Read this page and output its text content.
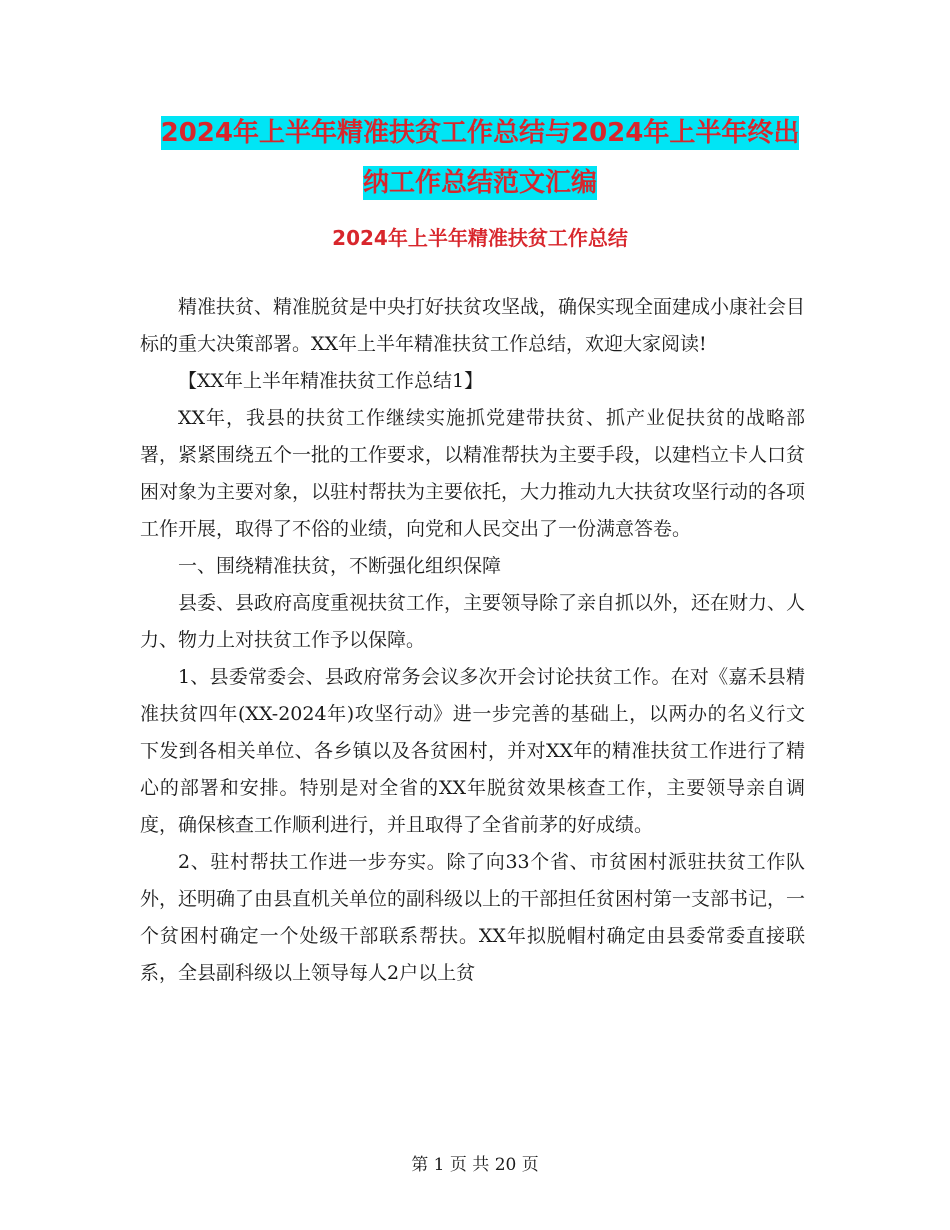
2024年上半年精准扶贫工作总结与2024年上半年终出
纳工作总结范文汇编
2024年上半年精准扶贫工作总结

精准扶贫、精准脱贫是中央打好扶贫攻坚战，确保实现全面建成小康社会目标的重大决策部署。XX年上半年精准扶贫工作总结，欢迎大家阅读!

【XX年上半年精准扶贫工作总结1】

XX年，我县的扶贫工作继续实施抓党建带扶贫、抓产业促扶贫的战略部署，紧紧围绕五个一批的工作要求，以精准帮扶为主要手段，以建档立卡人口贫困对象为主要对象，以驻村帮扶为主要依托，大力推动九大扶贫攻坚行动的各项工作开展，取得了不俗的业绩，向党和人民交出了一份满意答卷。

一、围绕精准扶贫，不断强化组织保障

县委、县政府高度重视扶贫工作，主要领导除了亲自抓以外，还在财力、人力、物力上对扶贫工作予以保障。

1、县委常委会、县政府常务会议多次开会讨论扶贫工作。在对《嘉禾县精准扶贫四年(XX-2024年)攻坚行动》进一步完善的基础上，以两办的名义行文下发到各相关单位、各乡镇以及各贫困村，并对XX年的精准扶贫工作进行了精心的部署和安排。特别是对全省的XX年脱贫效果核查工作，主要领导亲自调度，确保核查工作顺利进行，并且取得了全省前茅的好成绩。

2、驻村帮扶工作进一步夯实。除了向33个省、市贫困村派驻扶贫工作队外，还明确了由县直机关单位的副科级以上的干部担任贫困村第一支部书记，一个贫困村确定一个处级干部联系帮扶。XX年拟脱帽村确定由县委常委直接联系，全县副科级以上领导每人2户以上贫

第 1 页 共 20 页
